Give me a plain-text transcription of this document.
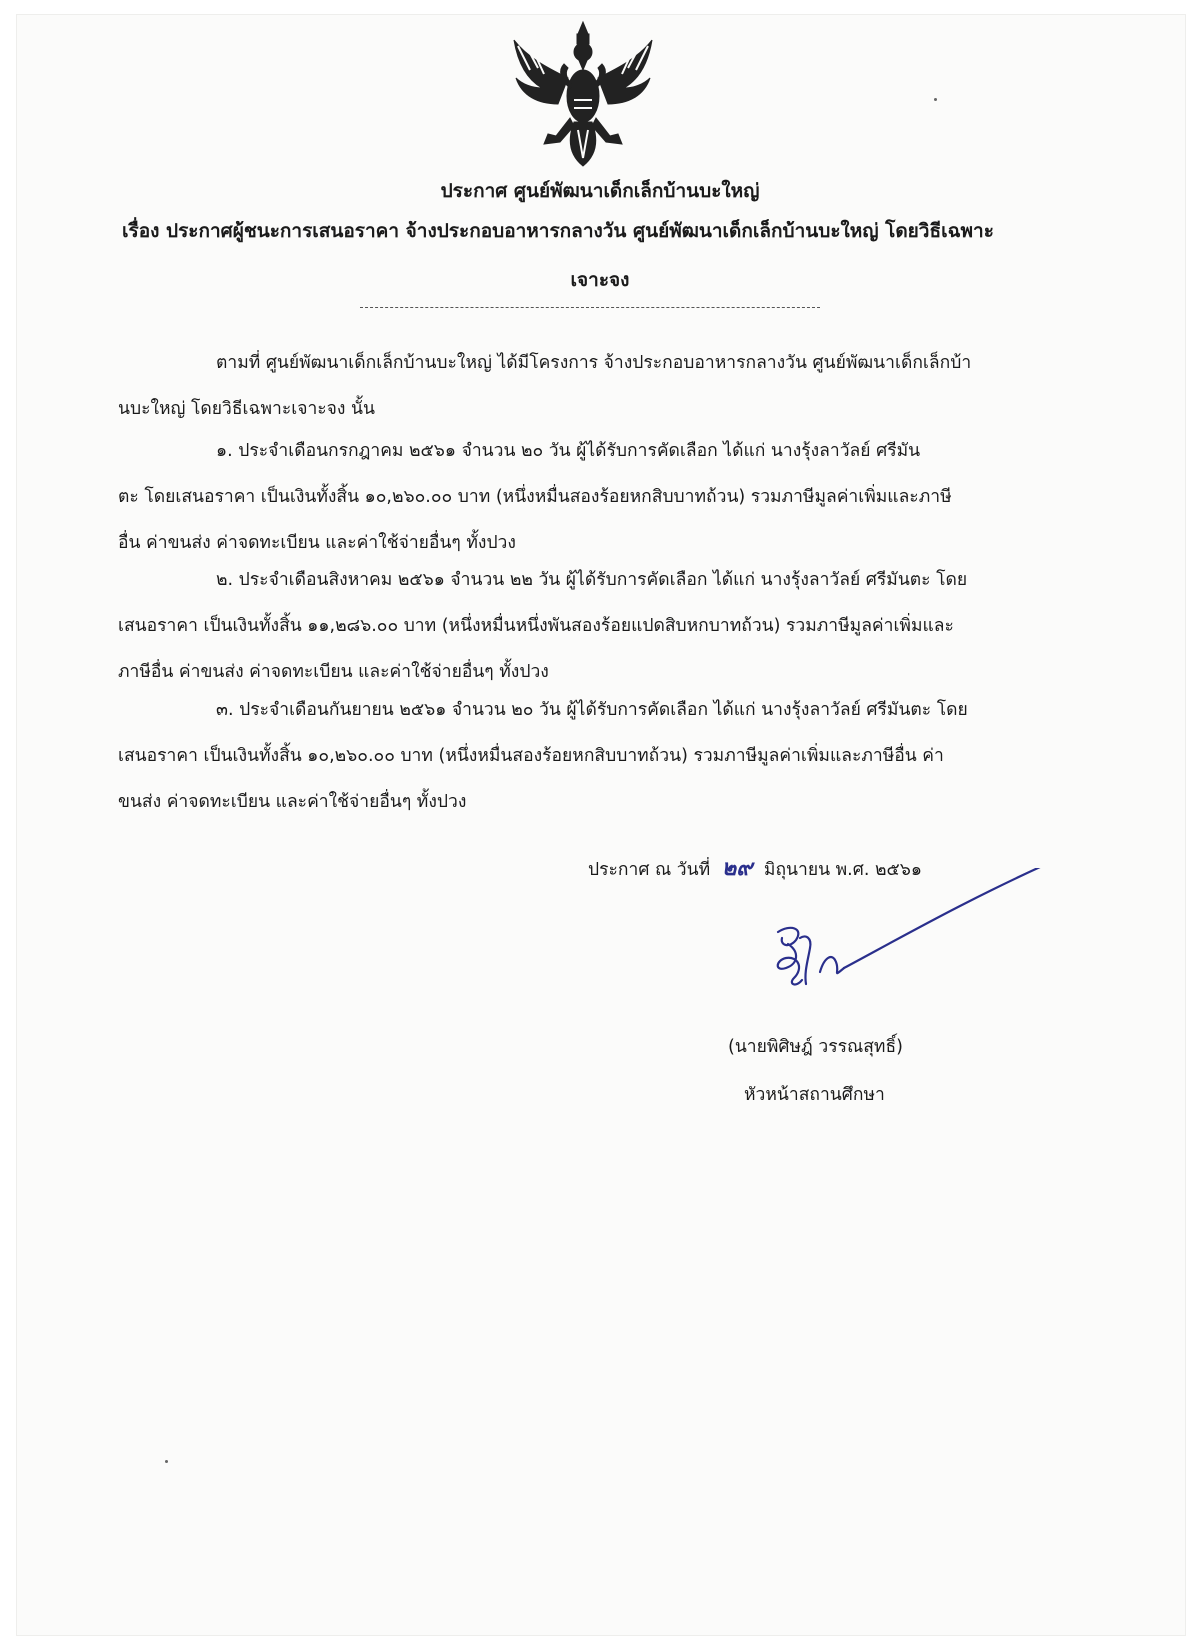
ประกาศ ศูนย์พัฒนาเด็กเล็กบ้านบะใหญ่
เรื่อง ประกาศผู้ชนะการเสนอราคา จ้างประกอบอาหารกลางวัน ศูนย์พัฒนาเด็กเล็กบ้านบะใหญ่ โดยวิธีเฉพาะ
เจาะจง
ตามที่ ศูนย์พัฒนาเด็กเล็กบ้านบะใหญ่ ได้มีโครงการ จ้างประกอบอาหารกลางวัน ศูนย์พัฒนาเด็กเล็กบ้า
นบะใหญ่ โดยวิธีเฉพาะเจาะจง นั้น
๑. ประจำเดือนกรกฎาคม ๒๕๖๑ จำนวน ๒๐ วัน ผู้ได้รับการคัดเลือก ได้แก่ นางรุ้งลาวัลย์ ศรีมัน
ตะ โดยเสนอราคา เป็นเงินทั้งสิ้น ๑๐,๒๖๐.๐๐ บาท (หนึ่งหมื่นสองร้อยหกสิบบาทถ้วน) รวมภาษีมูลค่าเพิ่มและภาษี
อื่น ค่าขนส่ง ค่าจดทะเบียน และค่าใช้จ่ายอื่นๆ ทั้งปวง
๒. ประจำเดือนสิงหาคม ๒๕๖๑ จำนวน ๒๒ วัน ผู้ได้รับการคัดเลือก ได้แก่ นางรุ้งลาวัลย์ ศรีมันตะ โดย
เสนอราคา เป็นเงินทั้งสิ้น ๑๑,๒๘๖.๐๐ บาท (หนึ่งหมื่นหนึ่งพันสองร้อยแปดสิบหกบาทถ้วน) รวมภาษีมูลค่าเพิ่มและ
ภาษีอื่น ค่าขนส่ง ค่าจดทะเบียน และค่าใช้จ่ายอื่นๆ ทั้งปวง
๓. ประจำเดือนกันยายน ๒๕๖๑ จำนวน ๒๐ วัน ผู้ได้รับการคัดเลือก ได้แก่ นางรุ้งลาวัลย์ ศรีมันตะ โดย
เสนอราคา เป็นเงินทั้งสิ้น ๑๐,๒๖๐.๐๐ บาท (หนึ่งหมื่นสองร้อยหกสิบบาทถ้วน) รวมภาษีมูลค่าเพิ่มและภาษีอื่น ค่า
ขนส่ง ค่าจดทะเบียน และค่าใช้จ่ายอื่นๆ ทั้งปวง
ประกาศ ณ วันที่ ๒๙ มิถุนายน พ.ศ. ๒๕๖๑
(นายพิศิษฎ์ วรรณสุทธิ์)
หัวหน้าสถานศึกษา
